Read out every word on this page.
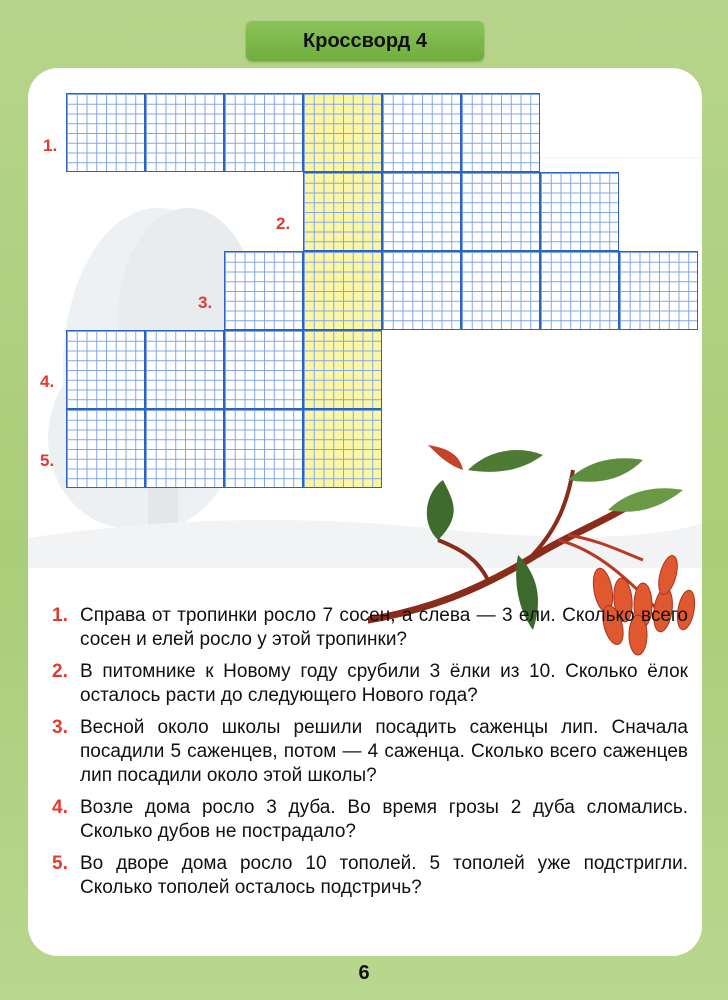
Кроссворд 4
1.
2.
3.
4.
5.
1. Справа от тропинки росло 7 сосен, а слева — 3 ели. Сколько всего сосен и елей росло у этой тропинки?
2. В питомнике к Новому году срубили 3 ёлки из 10. Сколько ёлок осталось расти до следующего Нового года?
3. Весной около школы решили посадить саженцы лип. Сначала посадили 5 саженцев, потом — 4 саженца. Сколько всего саженцев лип посадили около этой школы?
4. Возле дома росло 3 дуба. Во время грозы 2 дуба сломались. Сколько дубов не пострадало?
5. Во дворе дома росло 10 тополей. 5 тополей уже подстригли. Сколько тополей осталось подстричь?
6
